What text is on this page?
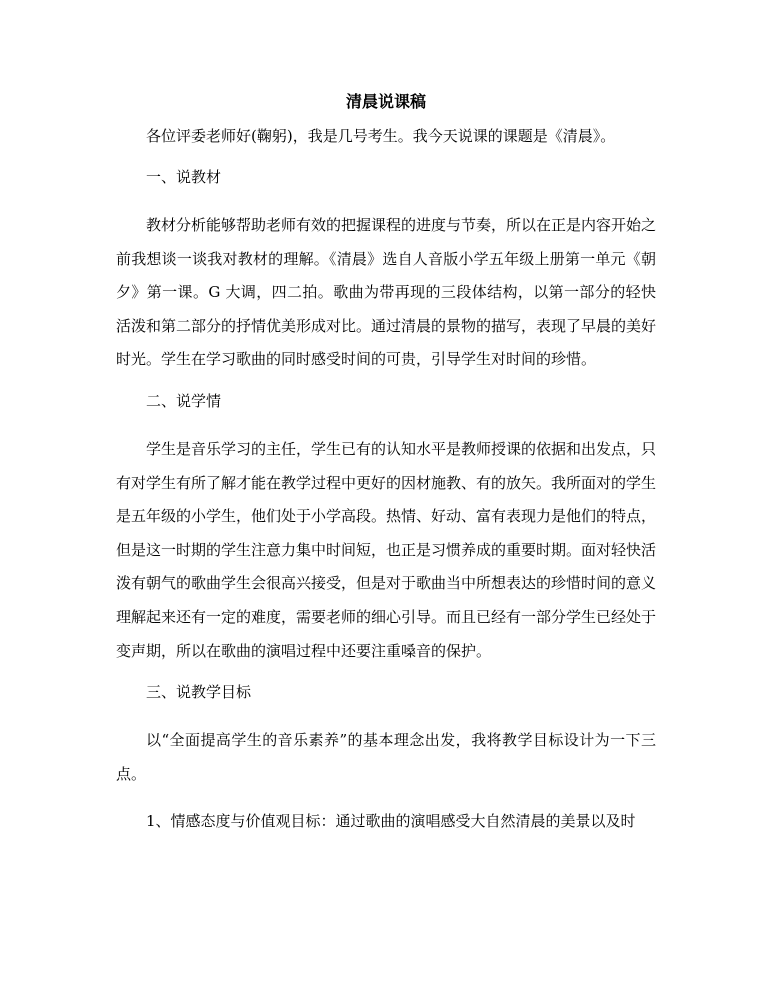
清晨说课稿

各位评委老师好(鞠躬)，我是几号考生。我今天说课的课题是《清晨》。

一、说教材

教材分析能够帮助老师有效的把握课程的进度与节奏，所以在正是内容开始之前我想谈一谈我对教材的理解。《清晨》选自人音版小学五年级上册第一单元《朝夕》第一课。G 大调，四二拍。歌曲为带再现的三段体结构，以第一部分的轻快活泼和第二部分的抒情优美形成对比。通过清晨的景物的描写，表现了早晨的美好时光。学生在学习歌曲的同时感受时间的可贵，引导学生对时间的珍惜。

二、说学情

学生是音乐学习的主任，学生已有的认知水平是教师授课的依据和出发点，只有对学生有所了解才能在教学过程中更好的因材施教、有的放矢。我所面对的学生是五年级的小学生，他们处于小学高段。热情、好动、富有表现力是他们的特点，但是这一时期的学生注意力集中时间短，也正是习惯养成的重要时期。面对轻快活泼有朝气的歌曲学生会很高兴接受，但是对于歌曲当中所想表达的珍惜时间的意义理解起来还有一定的难度，需要老师的细心引导。而且已经有一部分学生已经处于变声期，所以在歌曲的演唱过程中还要注重嗓音的保护。

三、说教学目标

以“全面提高学生的音乐素养”的基本理念出发，我将教学目标设计为一下三点。

1、情感态度与价值观目标：通过歌曲的演唱感受大自然清晨的美景以及时
